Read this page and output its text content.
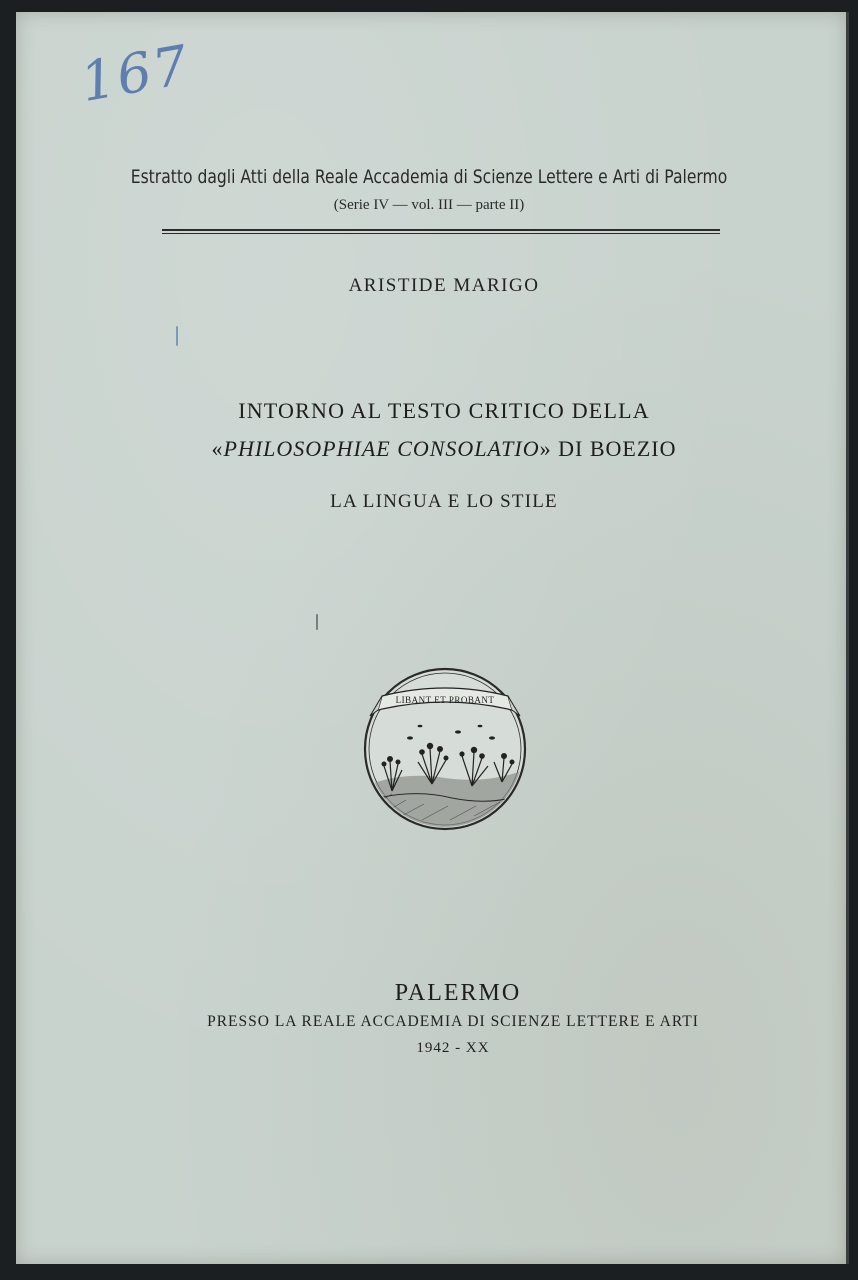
167
Estratto dagli Atti della Reale Accademia di Scienze Lettere e Arti di Palermo
(Serie IV — vol. III — parte II)
ARISTIDE MARIGO
INTORNO AL TESTO CRITICO DELLA
«PHILOSOPHIAE CONSOLATIO» DI BOEZIO
LA LINGUA E LO STILE
LIBANT ET PROBANT
PALERMO
PRESSO LA REALE ACCADEMIA DI SCIENZE LETTERE E ARTI
1942 - XX
